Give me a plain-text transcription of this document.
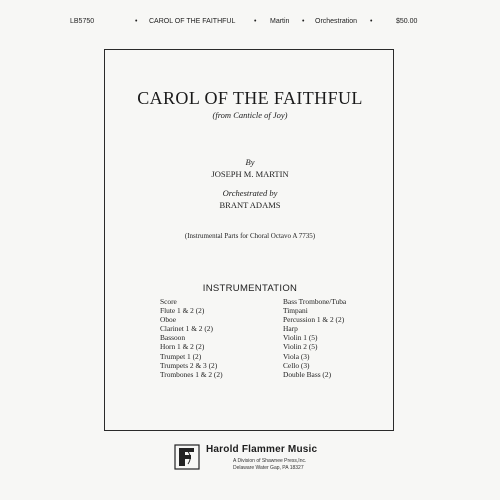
LB5750	• CAROL OF THE FAITHFUL	• Martin • Orchestration •	$50.00
CAROL OF THE FAITHFUL
(from Canticle of Joy)
By
JOSEPH M. MARTIN
Orchestrated by
BRANT ADAMS
(Instrumental Parts for Choral Octavo A 7735)
INSTRUMENTATION
Score
Flute 1 & 2 (2)
Oboe
Clarinet 1 & 2 (2)
Bassoon
Horn 1 & 2 (2)
Trumpet 1 (2)
Trumpets 2 & 3 (2)
Trombones 1 & 2 (2)
Bass Trombone/Tuba
Timpani
Percussion 1 & 2 (2)
Harp
Violin 1 (5)
Violin 2 (5)
Viola (3)
Cello (3)
Double Bass (2)
Harold Flammer Music
A Division of Shawnee Press,Inc.
Delaware Water Gap, PA 18327
